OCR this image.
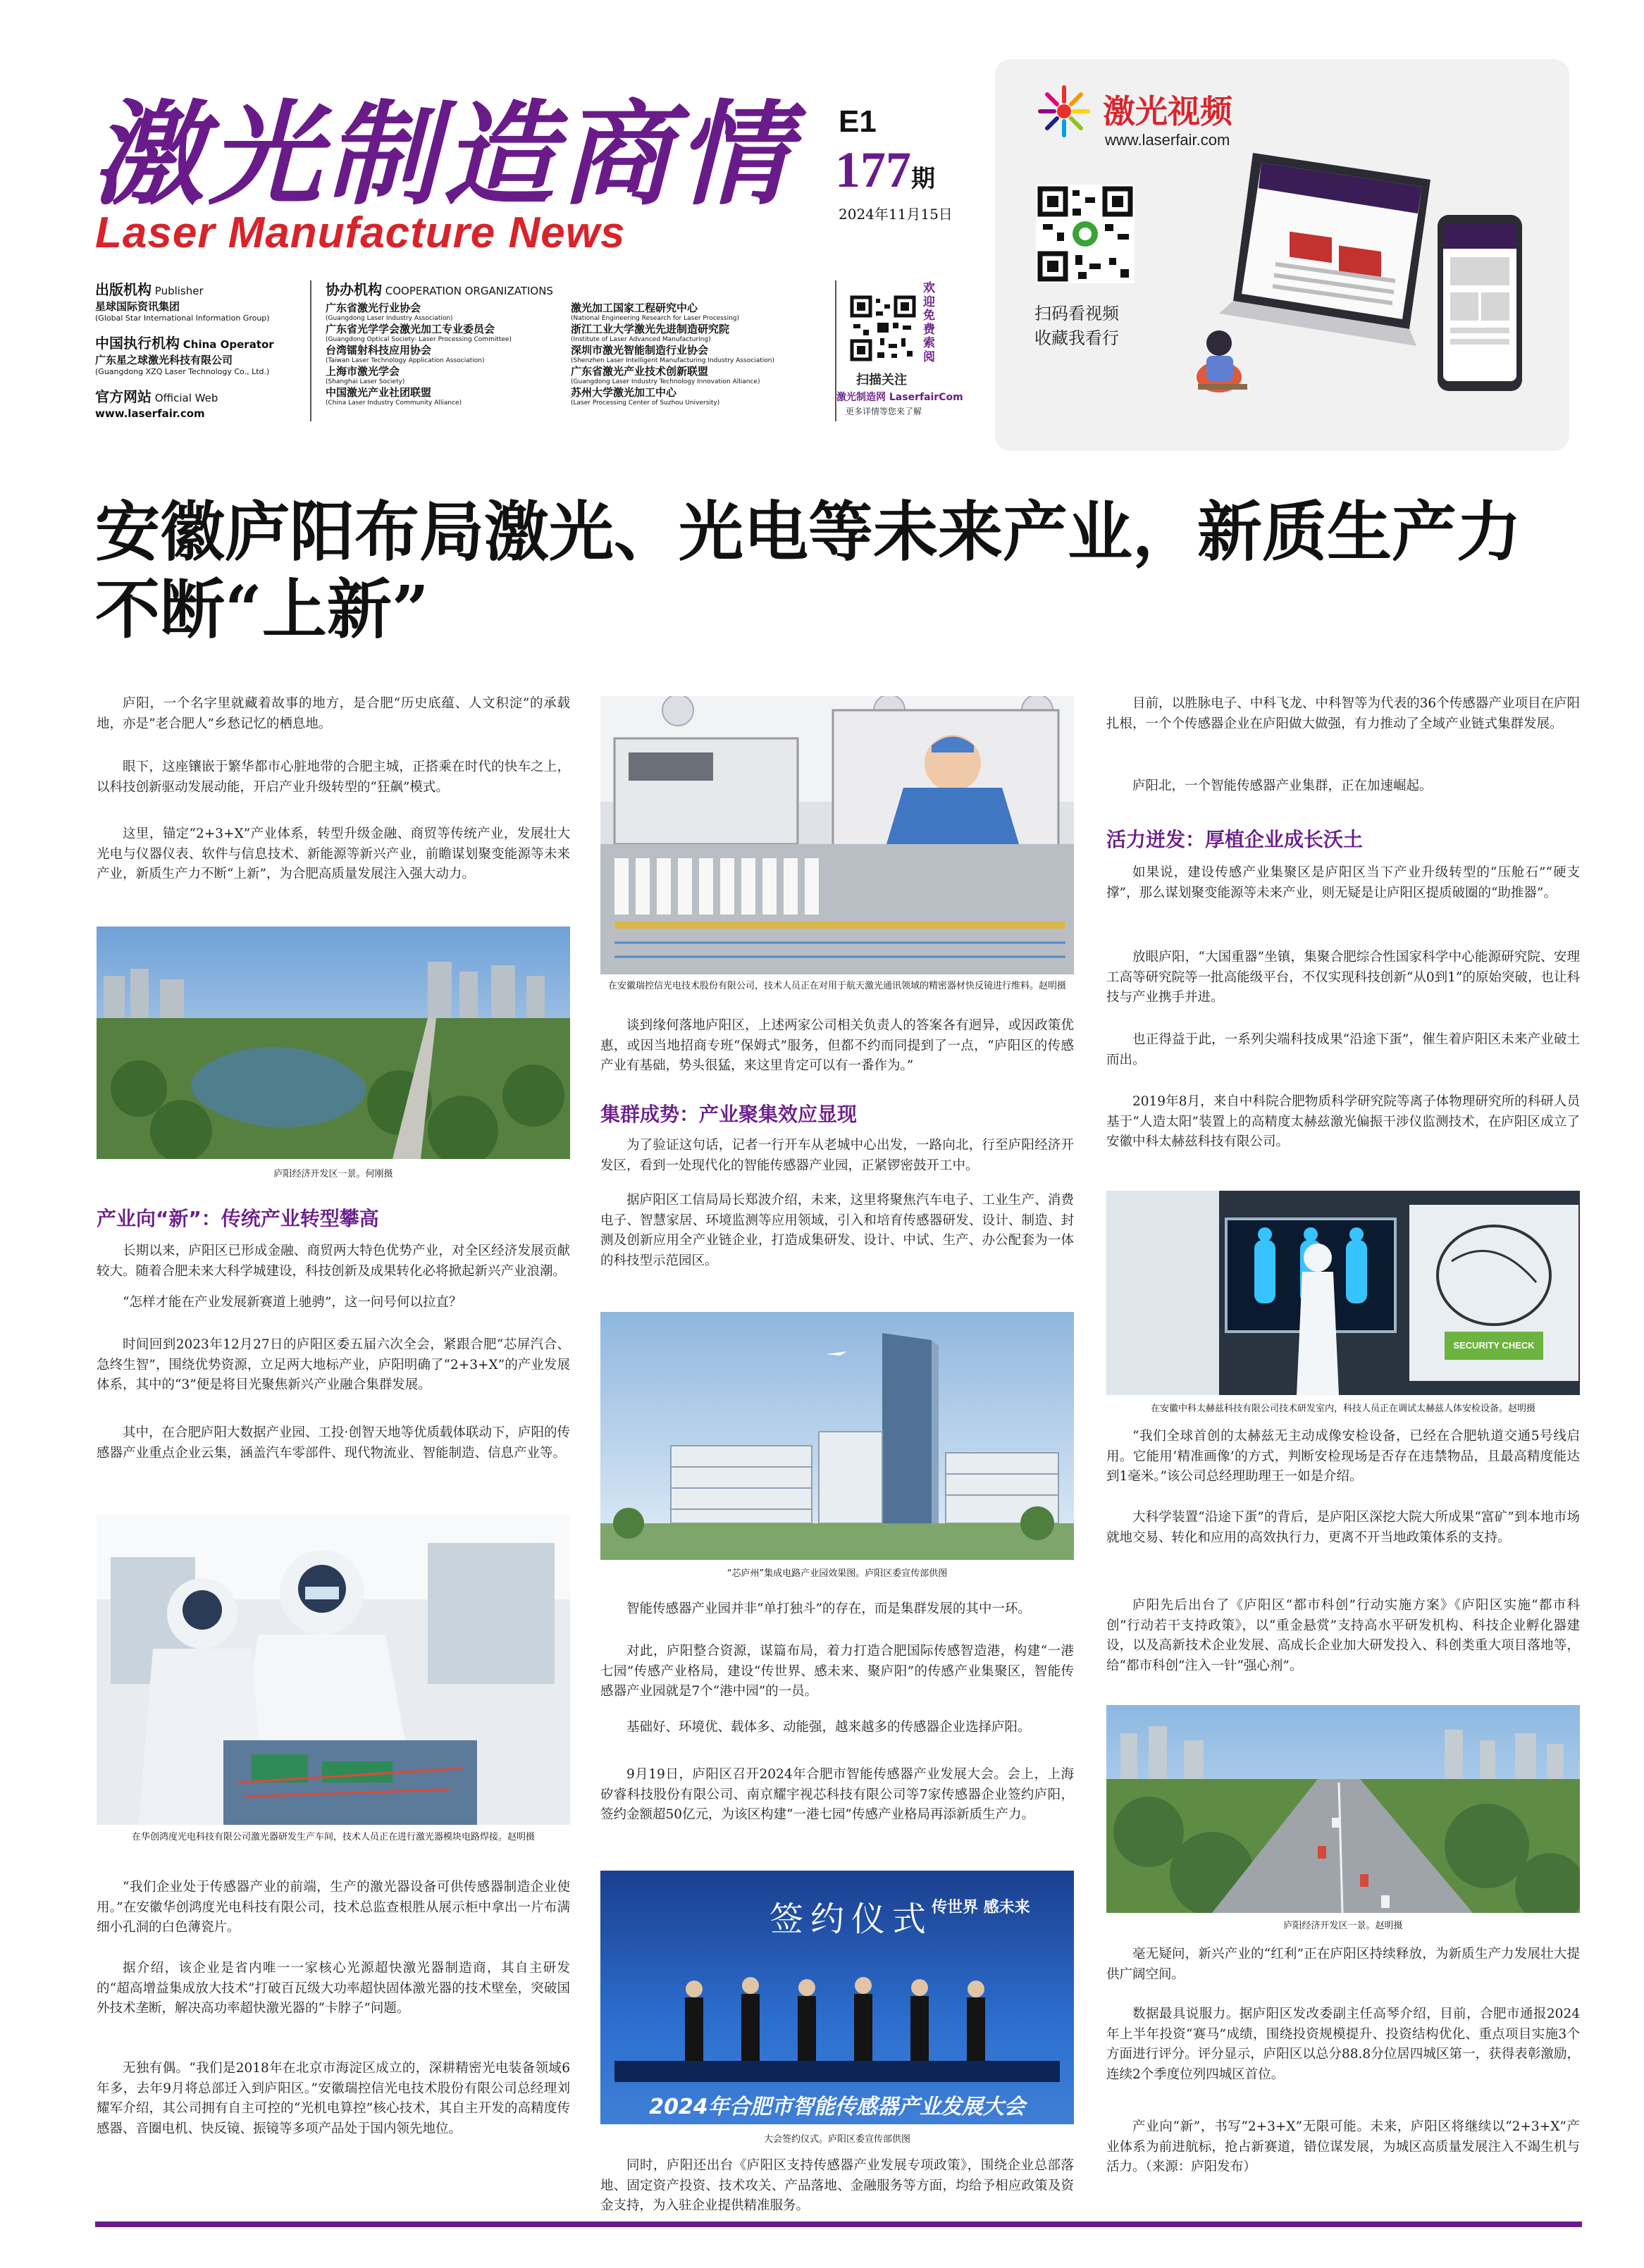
激光制造商情
Laser Manufacture News
E1
177期
2024年11月15日
出版机构 Publisher
星球国际资讯集团
(Global Star International Information Group)
中国执行机构 China Operator
广东星之球激光科技有限公司
(Guangdong XZQ Laser Technology Co., Ltd.)
官方网站 Official Web
www.laserfair.com
协办机构 COOPERATION ORGANIZATIONS
广东省激光行业协会
(Guangdong Laser Industry Association)
广东省光学学会激光加工专业委员会
(Guangdong Optical Society- Laser Processing Committee)
台湾镭射科技应用协会
(Taiwan Laser Technology Application Association)
上海市激光学会
(Shanghai Laser Society)
中国激光产业社团联盟
(China Laser Industry Community Alliance)
激光加工国家工程研究中心
(National Engineering Research for Laser Processing)
浙江工业大学激光先进制造研究院
(Institute of Laser Advanced Manufacturing)
深圳市激光智能制造行业协会
(Shenzhen Laser Intelligent Manufacturing Industry Association)
广东省激光产业技术创新联盟
(Guangdong Laser Industry Technology Innovation Alliance)
苏州大学激光加工中心
(Laser Processing Center of Suzhou University)
欢迎免费索阅
扫描关注
激光制造网 LaserfairCom
更多详情等您来了解
激光视频
www.laserfair.com
扫码看视频
收藏我看行
安徽庐阳布局激光、光电等未来产业，新质生产力不断“上新”
庐阳，一个名字里就藏着故事的地方，是合肥“历史底蕴、人文积淀”的承载地，亦是“老合肥人”乡愁记忆的栖息地。
眼下，这座镶嵌于繁华都市心脏地带的合肥主城，正搭乘在时代的快车之上，以科技创新驱动发展动能，开启产业升级转型的“狂飙”模式。
这里，锚定“2+3+X”产业体系，转型升级金融、商贸等传统产业，发展壮大光电与仪器仪表、软件与信息技术、新能源等新兴产业，前瞻谋划聚变能源等未来产业，新质生产力不断“上新”，为合肥高质量发展注入强大动力。
庐阳经济开发区一景。何刚摄
产业向“新”：传统产业转型攀高
长期以来，庐阳区已形成金融、商贸两大特色优势产业，对全区经济发展贡献较大。随着合肥未来大科学城建设，科技创新及成果转化必将掀起新兴产业浪潮。
“怎样才能在产业发展新赛道上驰骋”，这一问号何以拉直？
时间回到2023年12月27日的庐阳区委五届六次全会，紧跟合肥“芯屏汽合、急终生智”，围绕优势资源，立足两大地标产业，庐阳明确了“2+3+X”的产业发展体系，其中的“3”便是将目光聚焦新兴产业融合集群发展。
其中，在合肥庐阳大数据产业园、工投·创智天地等优质载体联动下，庐阳的传感器产业重点企业云集，涵盖汽车零部件、现代物流业、智能制造、信息产业等。
在华创鸿度光电科技有限公司激光器研发生产车间，技术人员正在进行激光器模块电路焊接。赵明摄
“我们企业处于传感器产业的前端，生产的激光器设备可供传感器制造企业使用。”在安徽华创鸿度光电科技有限公司，技术总监查根胜从展示柜中拿出一片布满细小孔洞的白色薄瓷片。
据介绍，该企业是省内唯一一家核心光源超快激光器制造商，其自主研发的“超高增益集成放大技术”打破百瓦级大功率超快固体激光器的技术壁垒，突破国外技术垄断，解决高功率超快激光器的“卡脖子”问题。
无独有偶。“我们是2018年在北京市海淀区成立的，深耕精密光电装备领域6年多，去年9月将总部迁入到庐阳区。”安徽瑞控信光电技术股份有限公司总经理刘耀军介绍，其公司拥有自主可控的“光机电算控”核心技术，其自主开发的高精度传感器、音圈电机、快反镜、振镜等多项产品处于国内领先地位。
在安徽瑞控信光电技术股份有限公司，技术人员正在对用于航天激光通讯领域的精密器材快反镜进行维料。赵明摄
谈到缘何落地庐阳区，上述两家公司相关负责人的答案各有迥异，或因政策优惠，或因当地招商专班“保姆式”服务，但都不约而同提到了一点，“庐阳区的传感产业有基础，势头很猛，来这里肯定可以有一番作为。”
集群成势：产业聚集效应显现
为了验证这句话，记者一行开车从老城中心出发，一路向北，行至庐阳经济开发区，看到一处现代化的智能传感器产业园，正紧锣密鼓开工中。
据庐阳区工信局局长郑波介绍，未来，这里将聚焦汽车电子、工业生产、消费电子、智慧家居、环境监测等应用领域，引入和培育传感器研发、设计、制造、封测及创新应用全产业链企业，打造成集研发、设计、中试、生产、办公配套为一体的科技型示范园区。
“芯庐州”集成电路产业园效果图。庐阳区委宣传部供图
智能传感器产业园并非“单打独斗”的存在，而是集群发展的其中一环。
对此，庐阳整合资源，谋篇布局，着力打造合肥国际传感智造港，构建“一港七园”传感产业格局，建设“传世界、感未来、聚庐阳”的传感产业集聚区，智能传感器产业园就是7个“港中园”的一员。
基础好、环境优、载体多、动能强，越来越多的传感器企业选择庐阳。
9月19日，庐阳区召开2024年合肥市智能传感器产业发展大会。会上，上海矽睿科技股份有限公司、南京耀宇视芯科技有限公司等7家传感器企业签约庐阳，签约金额超50亿元，为该区构建“一港七园”传感产业格局再添新质生产力。
签约仪式
传世界 感未来
2024年合肥市智能传感器产业发展大会
大会签约仪式。庐阳区委宣传部供图
同时，庐阳还出台《庐阳区支持传感器产业发展专项政策》，围绕企业总部落地、固定资产投资、技术攻关、产品落地、金融服务等方面，均给予相应政策及资金支持，为入驻企业提供精准服务。
目前，以胜脉电子、中科飞龙、中科智等为代表的36个传感器产业项目在庐阳扎根，一个个传感器企业在庐阳做大做强，有力推动了全域产业链式集群发展。
庐阳北，一个智能传感器产业集群，正在加速崛起。
活力迸发：厚植企业成长沃土
如果说，建设传感产业集聚区是庐阳区当下产业升级转型的“压舱石”“硬支撑”，那么谋划聚变能源等未来产业，则无疑是让庐阳区提质破圈的“助推器”。
放眼庐阳，“大国重器”坐镇，集聚合肥综合性国家科学中心能源研究院、安理工高等研究院等一批高能级平台，不仅实现科技创新“从0到1”的原始突破，也让科技与产业携手并进。
也正得益于此，一系列尖端科技成果“沿途下蛋”，催生着庐阳区未来产业破土而出。
2019年8月，来自中科院合肥物质科学研究院等离子体物理研究所的科研人员基于“人造太阳”装置上的高精度太赫兹激光偏振干涉仪监测技术，在庐阳区成立了安徽中科太赫兹科技有限公司。
SECURITY CHECK
在安徽中科太赫兹科技有限公司技术研发室内，科技人员正在调试太赫兹人体安检设备。赵明摄
“我们全球首创的太赫兹无主动成像安检设备，已经在合肥轨道交通5号线启用。它能用‘精准画像’的方式，判断安检现场是否存在违禁物品，且最高精度能达到1毫米。”该公司总经理助理王一如是介绍。
大科学装置“沿途下蛋”的背后，是庐阳区深挖大院大所成果“富矿”到本地市场就地交易、转化和应用的高效执行力，更离不开当地政策体系的支持。
庐阳先后出台了《庐阳区“都市科创”行动实施方案》《庐阳区实施“都市科创”行动若干支持政策》，以“重金悬赏”支持高水平研发机构、科技企业孵化器建设，以及高新技术企业发展、高成长企业加大研发投入、科创类重大项目落地等，给“都市科创”注入一针“强心剂”。
庐阳经济开发区一景。赵明摄
毫无疑问，新兴产业的“红利”正在庐阳区持续释放，为新质生产力发展壮大提供广阔空间。
数据最具说服力。据庐阳区发改委副主任高琴介绍，目前，合肥市通报2024年上半年投资“赛马”成绩，围绕投资规模提升、投资结构优化、重点项目实施3个方面进行评分。评分显示，庐阳区以总分88.8分位居四城区第一，获得表彰激励，连续2个季度位列四城区首位。
产业向“新”，书写“2+3+X”无限可能。未来，庐阳区将继续以“2+3+X”产业体系为前进航标，抢占新赛道，错位谋发展，为城区高质量发展注入不竭生机与活力。（来源：庐阳发布）
